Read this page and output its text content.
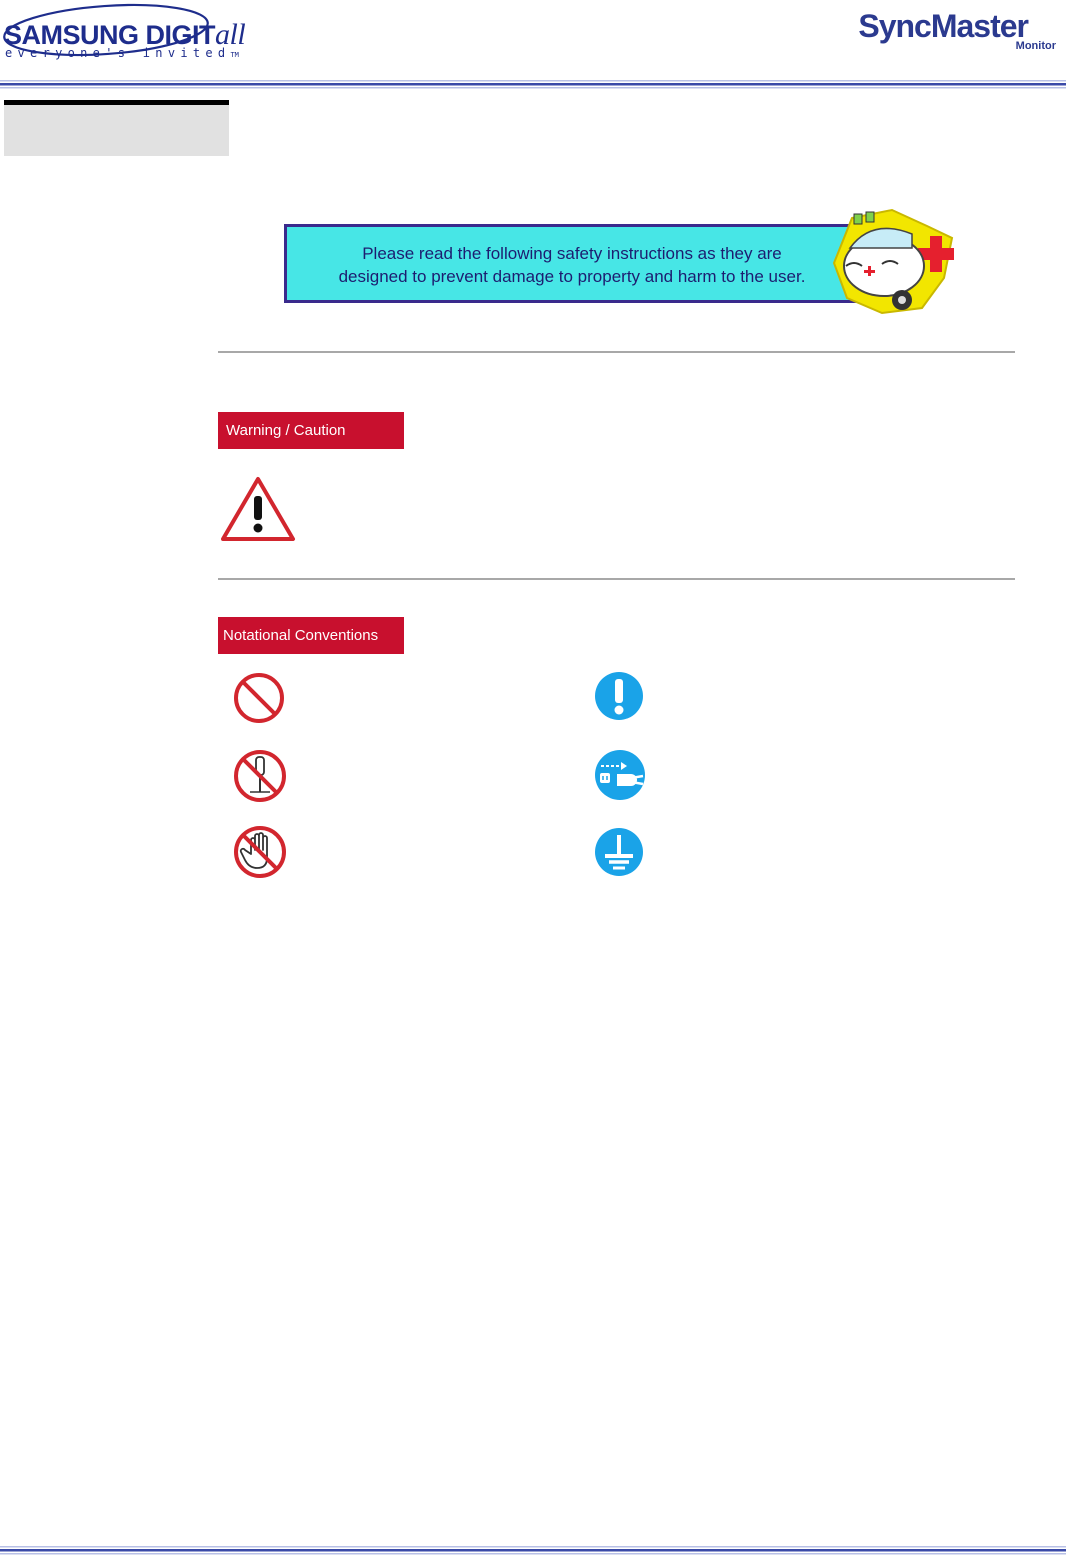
SAMSUNG DIGITall
everyone's invitedTM
SyncMaster
Monitor
Please read the following safety instructions as they are
designed to prevent damage to property and harm to the user.
Warning / Caution
Notational Conventions
